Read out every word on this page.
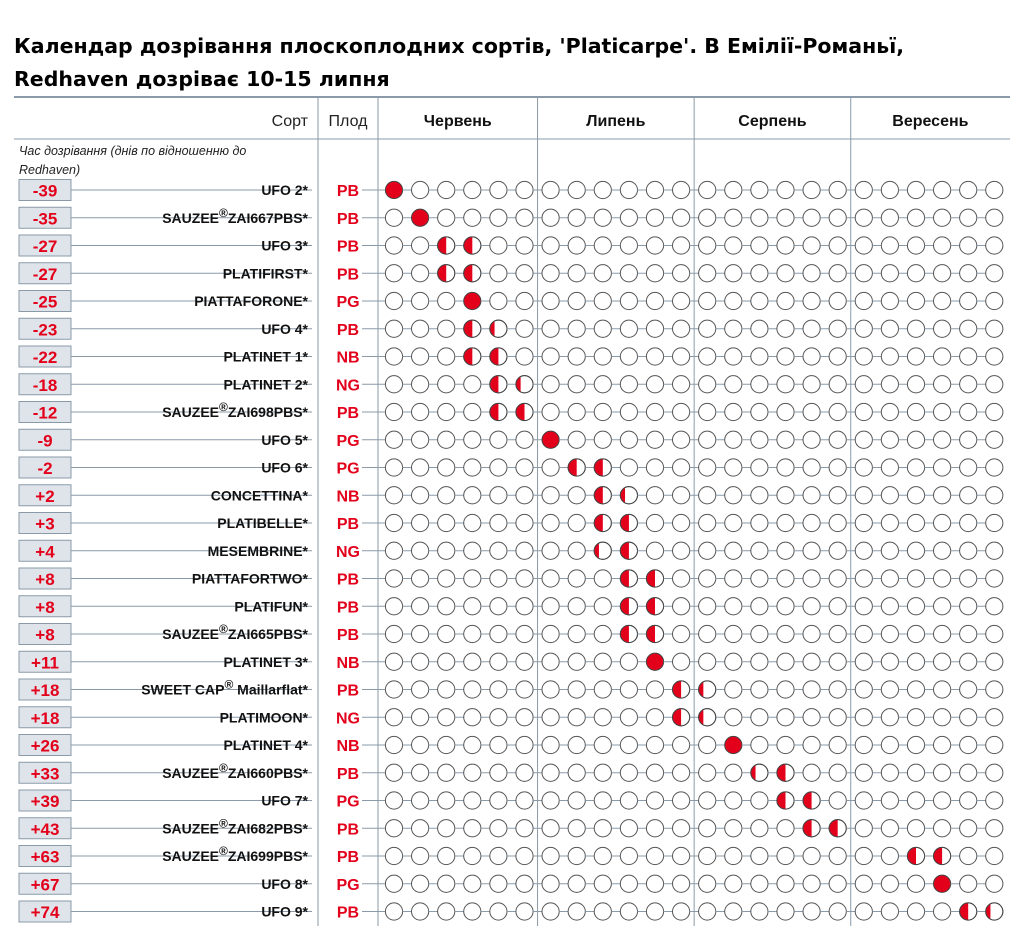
Календар дозрівання плоскоплодних сортів, 'Platicarpe'. В Емілії-Романьї, Redhaven дозріває 10-15 липня
Сорт Плод
Час дозрівання (днів по відношенню до
Redhaven)
Червень	Липень	Серпень	Вересень
-39	UFO 2* PB
-35	SAUZEE®ZAI667PBS* PB
-27	UFO 3* PB
-27	PLATIFIRST* PB
-25	PIATTAFORONE* PG
-23	UFO 4* PB
-22	PLATINET 1* NB
-18	PLATINET 2* NG
-12	SAUZEE®ZAI698PBS* PB
-9	UFO 5* PG
-2	UFO 6* PG
+2	CONCETTINA* NB
+3	PLATIBELLE* PB
+4	MESEMBRINE* NG
+8	PIATTAFORTWO* PB
+8	PLATIFUN* PB
+8	SAUZEE®ZAI665PBS* PB
+11	PLATINET 3* NB
+18	SWEET CAP® Maillarflat* PB
+18	PLATIMOON* NG
+26	PLATINET 4* NB
+33	SAUZEE®ZAI660PBS* PB
+39	UFO 7* PG
+43	SAUZEE®ZAI682PBS* PB
+63	SAUZEE®ZAI699PBS* PB
+67	UFO 8* PG
+74	UFO 9* PB
